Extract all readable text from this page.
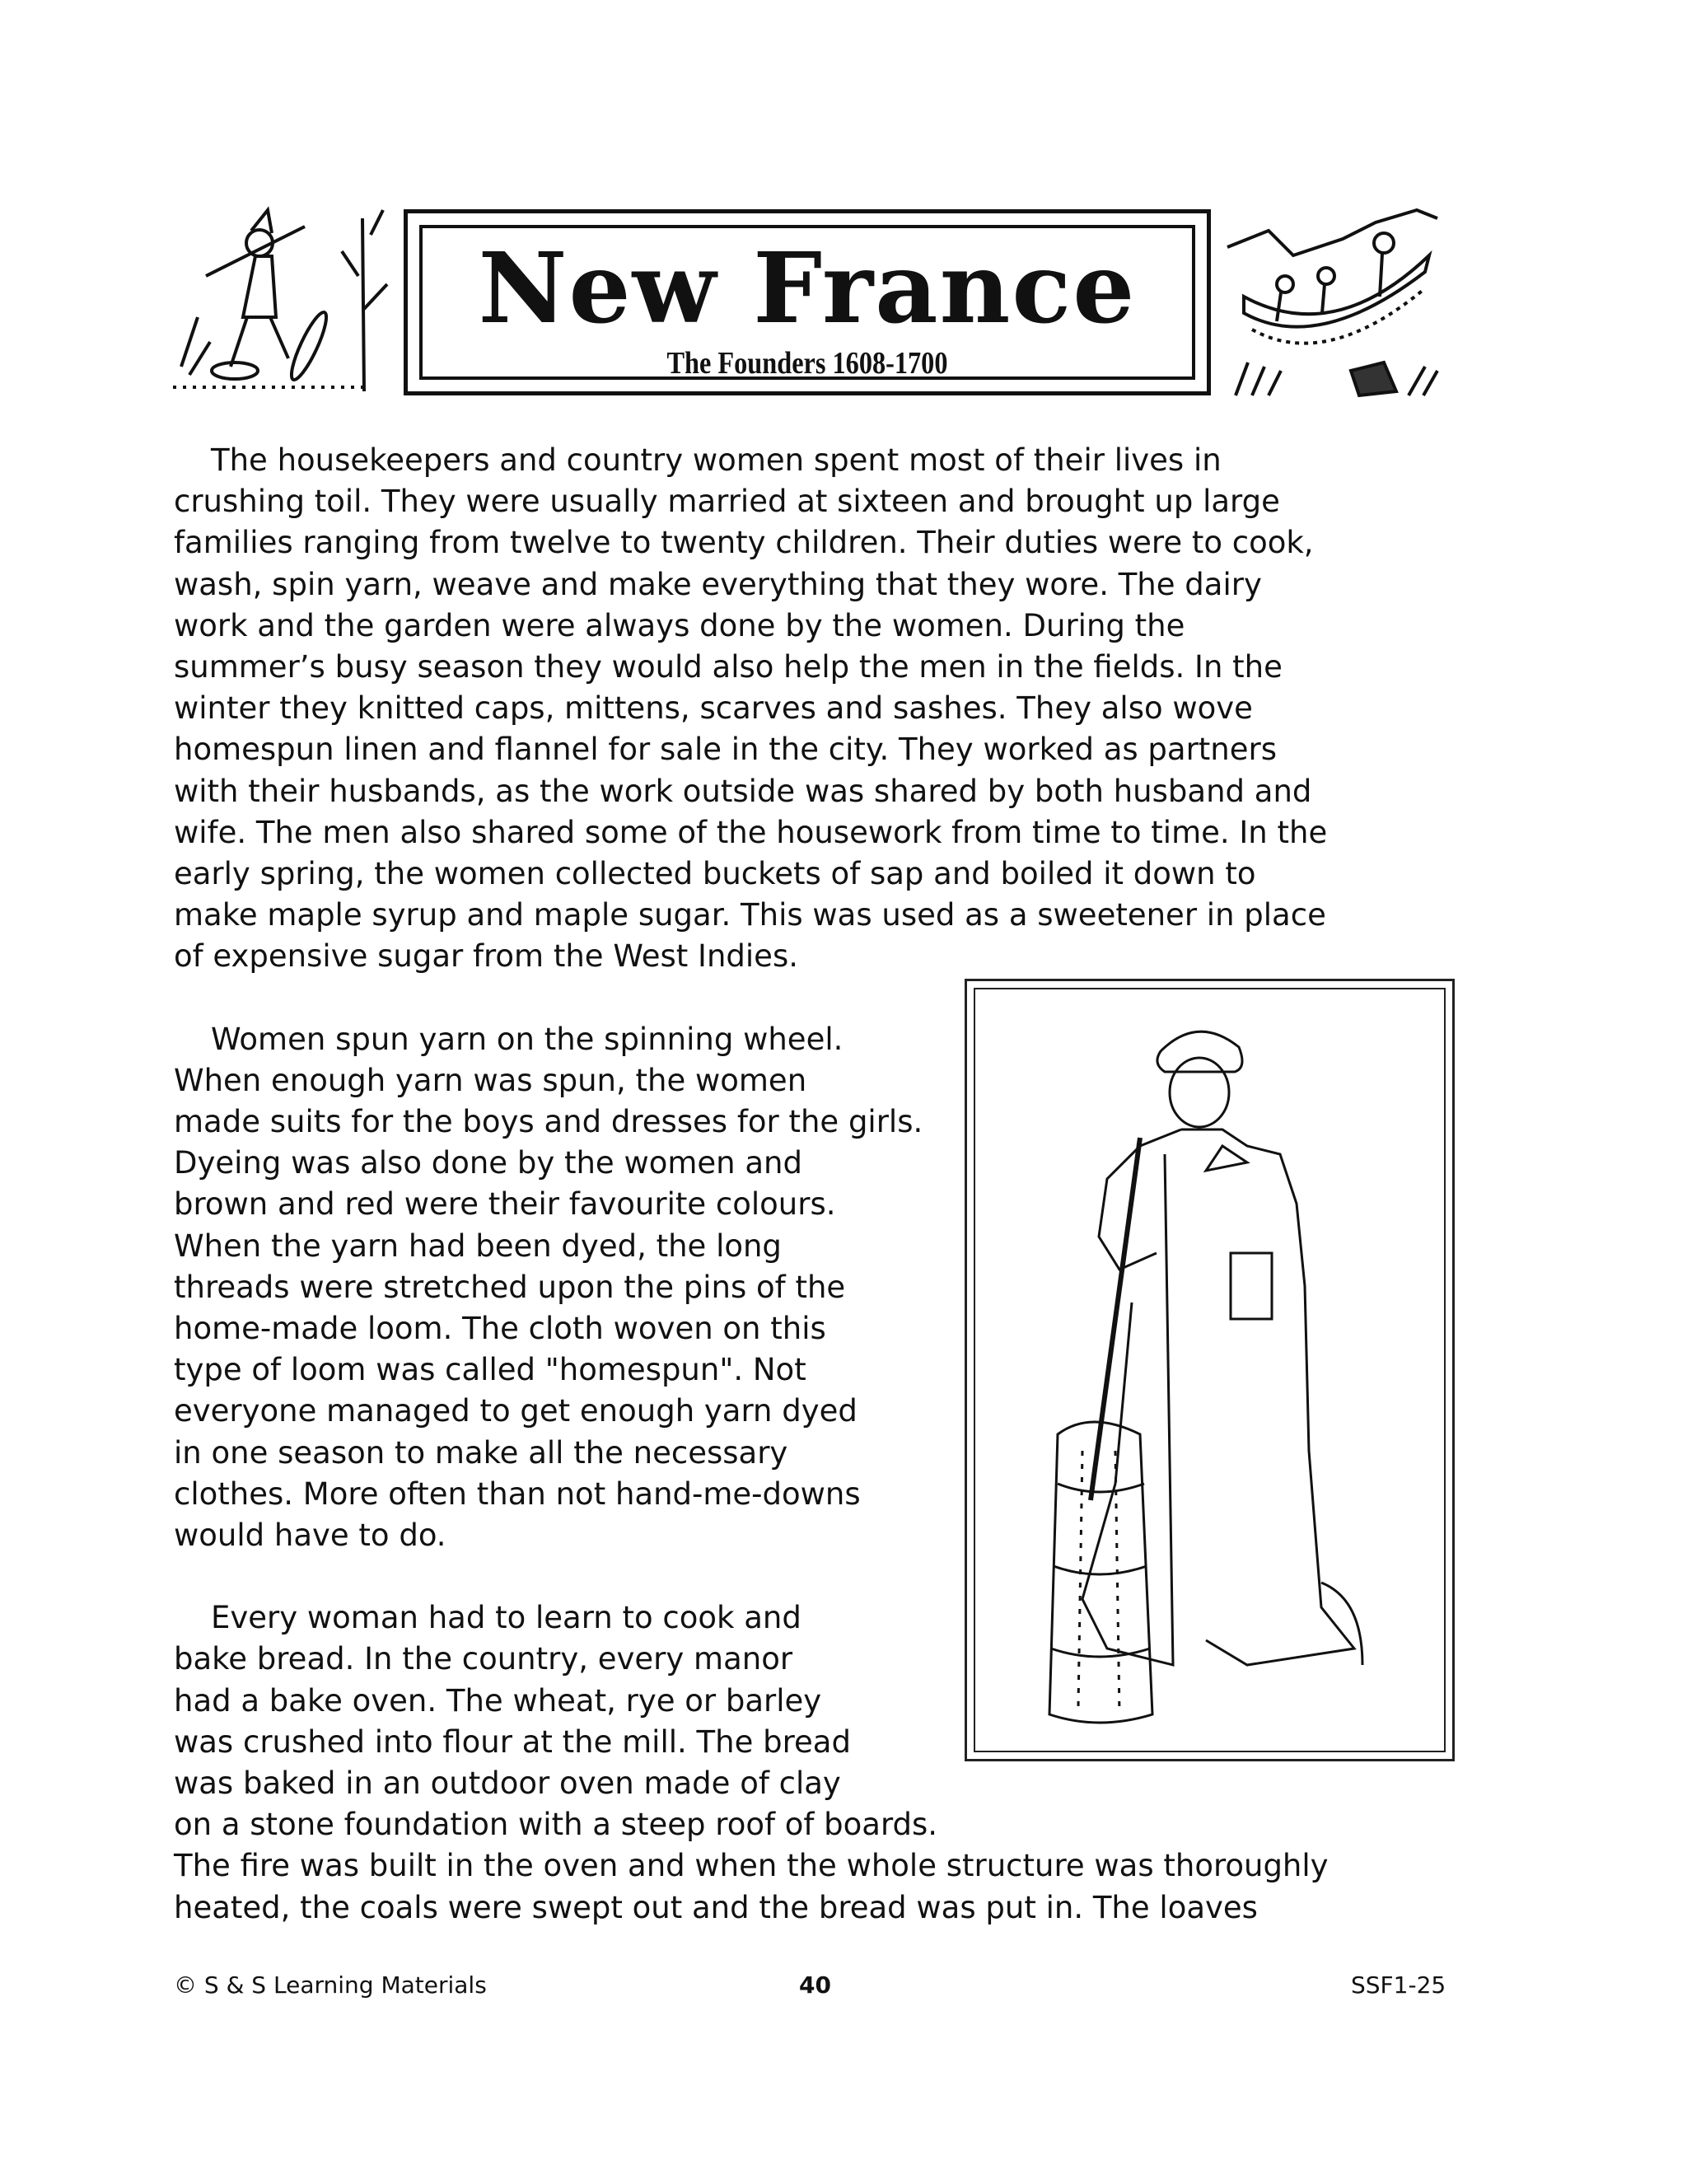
New France
The Founders 1608-1700
The housekeepers and country women spent most of their lives in
crushing toil. They were usually married at sixteen and brought up large
families ranging from twelve to twenty children. Their duties were to cook,
wash, spin yarn, weave and make everything that they wore. The dairy
work and the garden were always done by the women. During the
summer’s busy season they would also help the men in the fields. In the
winter they knitted caps, mittens, scarves and sashes. They also wove
homespun linen and flannel for sale in the city. They worked as partners
with their husbands, as the work outside was shared by both husband and
wife. The men also shared some of the housework from time to time. In the
early spring, the women collected buckets of sap and boiled it down to
make maple syrup and maple sugar. This was used as a sweetener in place
of expensive sugar from the West Indies.
Women spun yarn on the spinning wheel.
When enough yarn was spun, the women
made suits for the boys and dresses for the girls.
Dyeing was also done by the women and
brown and red were their favourite colours.
When the yarn had been dyed, the long
threads were stretched upon the pins of the
home-made loom. The cloth woven on this
type of loom was called "homespun". Not
everyone managed to get enough yarn dyed
in one season to make all the necessary
clothes. More often than not hand-me-downs
would have to do.
Every woman had to learn to cook and
bake bread. In the country, every manor
had a bake oven. The wheat, rye or barley
was crushed into flour at the mill. The bread
was baked in an outdoor oven made of clay
on a stone foundation with a steep roof of boards.
The fire was built in the oven and when the whole structure was thoroughly
heated, the coals were swept out and the bread was put in. The loaves
© S & S Learning Materials	40	SSF1-25
